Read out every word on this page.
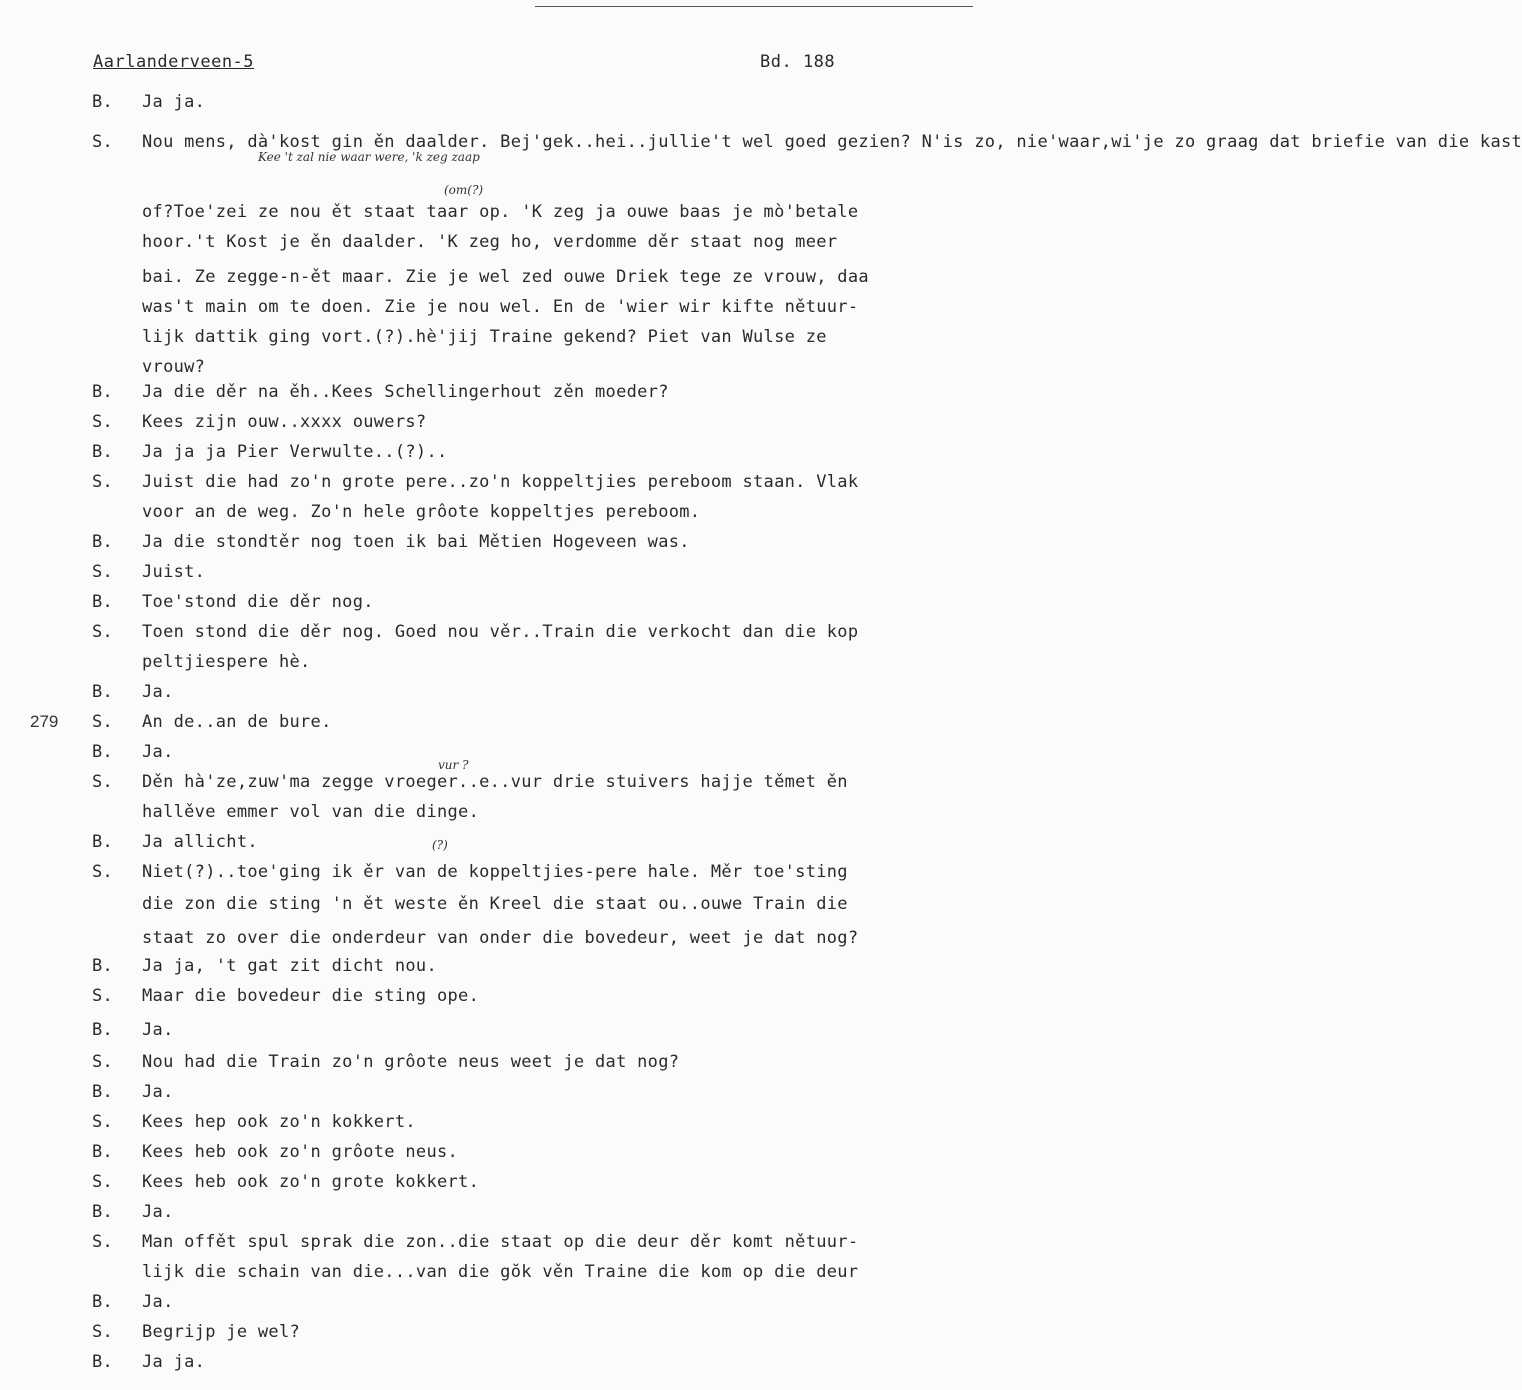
Aarlanderveen-5	Bd. 188
279
Kee 't zal nie waar were, 'k zeg zaap
(om(?)
vur ?
(?)
B. Ja ja.
S. Nou mens, dà'kost gin ěn daalder. Bej'gek..hei..jullie't wel goed gezien? N'is zo, nie'waar,wi'je zo graag dat briefie van die kast
of?Toe'zei ze nou ět staat taar op. 'K zeg ja ouwe baas je mò'betale
hoor.'t Kost je ěn daalder. 'K zeg ho, verdomme děr staat nog meer
bai. Ze zegge-n-ět maar. Zie je wel zed ouwe Driek tege ze vrouw, daa
was't main om te doen. Zie je nou wel. En de 'wier wir kifte nětuur-
lijk dattik ging vort.(?).hè'jij Traine gekend? Piet van Wulse ze
vrouw?
B. Ja die děr na ěh..Kees Schellingerhout zěn moeder?
S. Kees zijn ouw..xxxx ouwers?
B. Ja ja ja Pier Verwulte..(?)..
S. Juist die had zo'n grote pere..zo'n koppeltjies pereboom staan. Vlak
voor an de weg. Zo'n hele grôote koppeltjes pereboom.
B. Ja die stondtěr nog toen ik bai Mětien Hogeveen was.
S. Juist.
B. Toe'stond die děr nog.
S. Toen stond die děr nog. Goed nou věr..Train die verkocht dan die kop
peltjiespere hè.
B. Ja.
S. An de..an de bure.
B. Ja.
S. Děn hà'ze,zuw'ma zegge vroeger..e..vur drie stuivers hajje těmet ěn
hallěve emmer vol van die dinge.
B. Ja allicht.
S. Niet(?)..toe'ging ik ěr van de koppeltjies-pere hale. Měr toe'sting
die zon die sting 'n ět weste ěn Kreel die staat ou..ouwe Train die
staat zo over die onderdeur van onder die bovedeur, weet je dat nog?
B. Ja ja, 't gat zit dicht nou.
S. Maar die bovedeur die sting ope.
B. Ja.
S. Nou had die Train zo'n grôote neus weet je dat nog?
B. Ja.
S. Kees hep ook zo'n kokkert.
B. Kees heb ook zo'n grôote neus.
S. Kees heb ook zo'n grote kokkert.
B. Ja.
S. Man offět spul sprak die zon..die staat op die deur děr komt nětuur-
lijk die schain van die...van die gŏk věn Traine die kom op die deur
B. Ja.
S. Begrijp je wel?
B. Ja ja.
